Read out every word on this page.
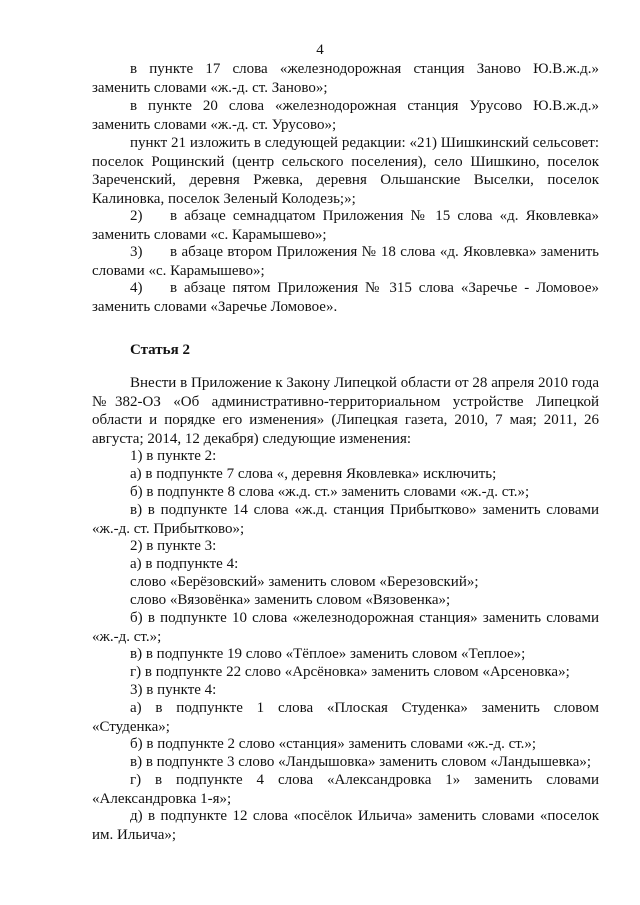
4

в пункте 17 слова «железнодорожная станция Заново Ю.В.ж.д.» заменить словами «ж.-д. ст. Заново»;

в пункте 20 слова «железнодорожная станция Урусово Ю.В.ж.д.» заменить словами «ж.-д. ст. Урусово»;

пункт 21 изложить в следующей редакции: «21) Шишкинский сельсовет: поселок Рощинский (центр сельского поселения), село Шишкино, поселок Зареченский, деревня Ржевка, деревня Ольшанские Выселки, поселок Калиновка, поселок Зеленый Колодезь;»;

2) в абзаце семнадцатом Приложения № 15 слова «д. Яковлевка» заменить словами «с. Карамышево»;
3) в абзаце втором Приложения № 18 слова «д. Яковлевка» заменить словами «с. Карамышево»;
4) в абзаце пятом Приложения № 315 слова «Заречье - Ломовое» заменить словами «Заречье Ломовое».
Статья 2

Внести в Приложение к Закону Липецкой области от 28 апреля 2010 года №382-ОЗ «Об административно-территориальном устройстве Липецкой области и порядке его изменения» (Липецкая газета, 2010, 7 мая; 2011, 26 августа; 2014, 12 декабря) следующие изменения:

1) в пункте 2:

а) в подпункте 7 слова «, деревня Яковлевка» исключить;

б) в подпункте 8 слова «ж.д. ст.» заменить словами «ж.-д. ст.»;

в) в подпункте 14 слова «ж.д. станция Прибытково» заменить словами «ж.-д. ст. Прибытково»;

2) в пункте 3:

а) в подпункте 4:

слово «Берёзовский» заменить словом «Березовский»;

слово «Вязовёнка» заменить словом «Вязовенка»;

б) в подпункте 10 слова «железнодорожная станция» заменить словами «ж.-д. ст.»;

в) в подпункте 19 слово «Тёплое» заменить словом «Теплое»;

г) в подпункте 22 слово «Арсёновка» заменить словом «Арсеновка»;

3) в пункте 4:

а) в подпункте 1 слова «Плоская Студенка» заменить словом «Студенка»;

б) в подпункте 2 слово «станция» заменить словами «ж.-д. ст.»;

в) в подпункте 3 слово «Ландышовка» заменить словом «Ландышевка»;

г) в подпункте 4 слова «Александровка 1» заменить словами «Александровка 1-я»;

д) в подпункте 12 слова «посёлок Ильича» заменить словами «поселок им. Ильича»;
